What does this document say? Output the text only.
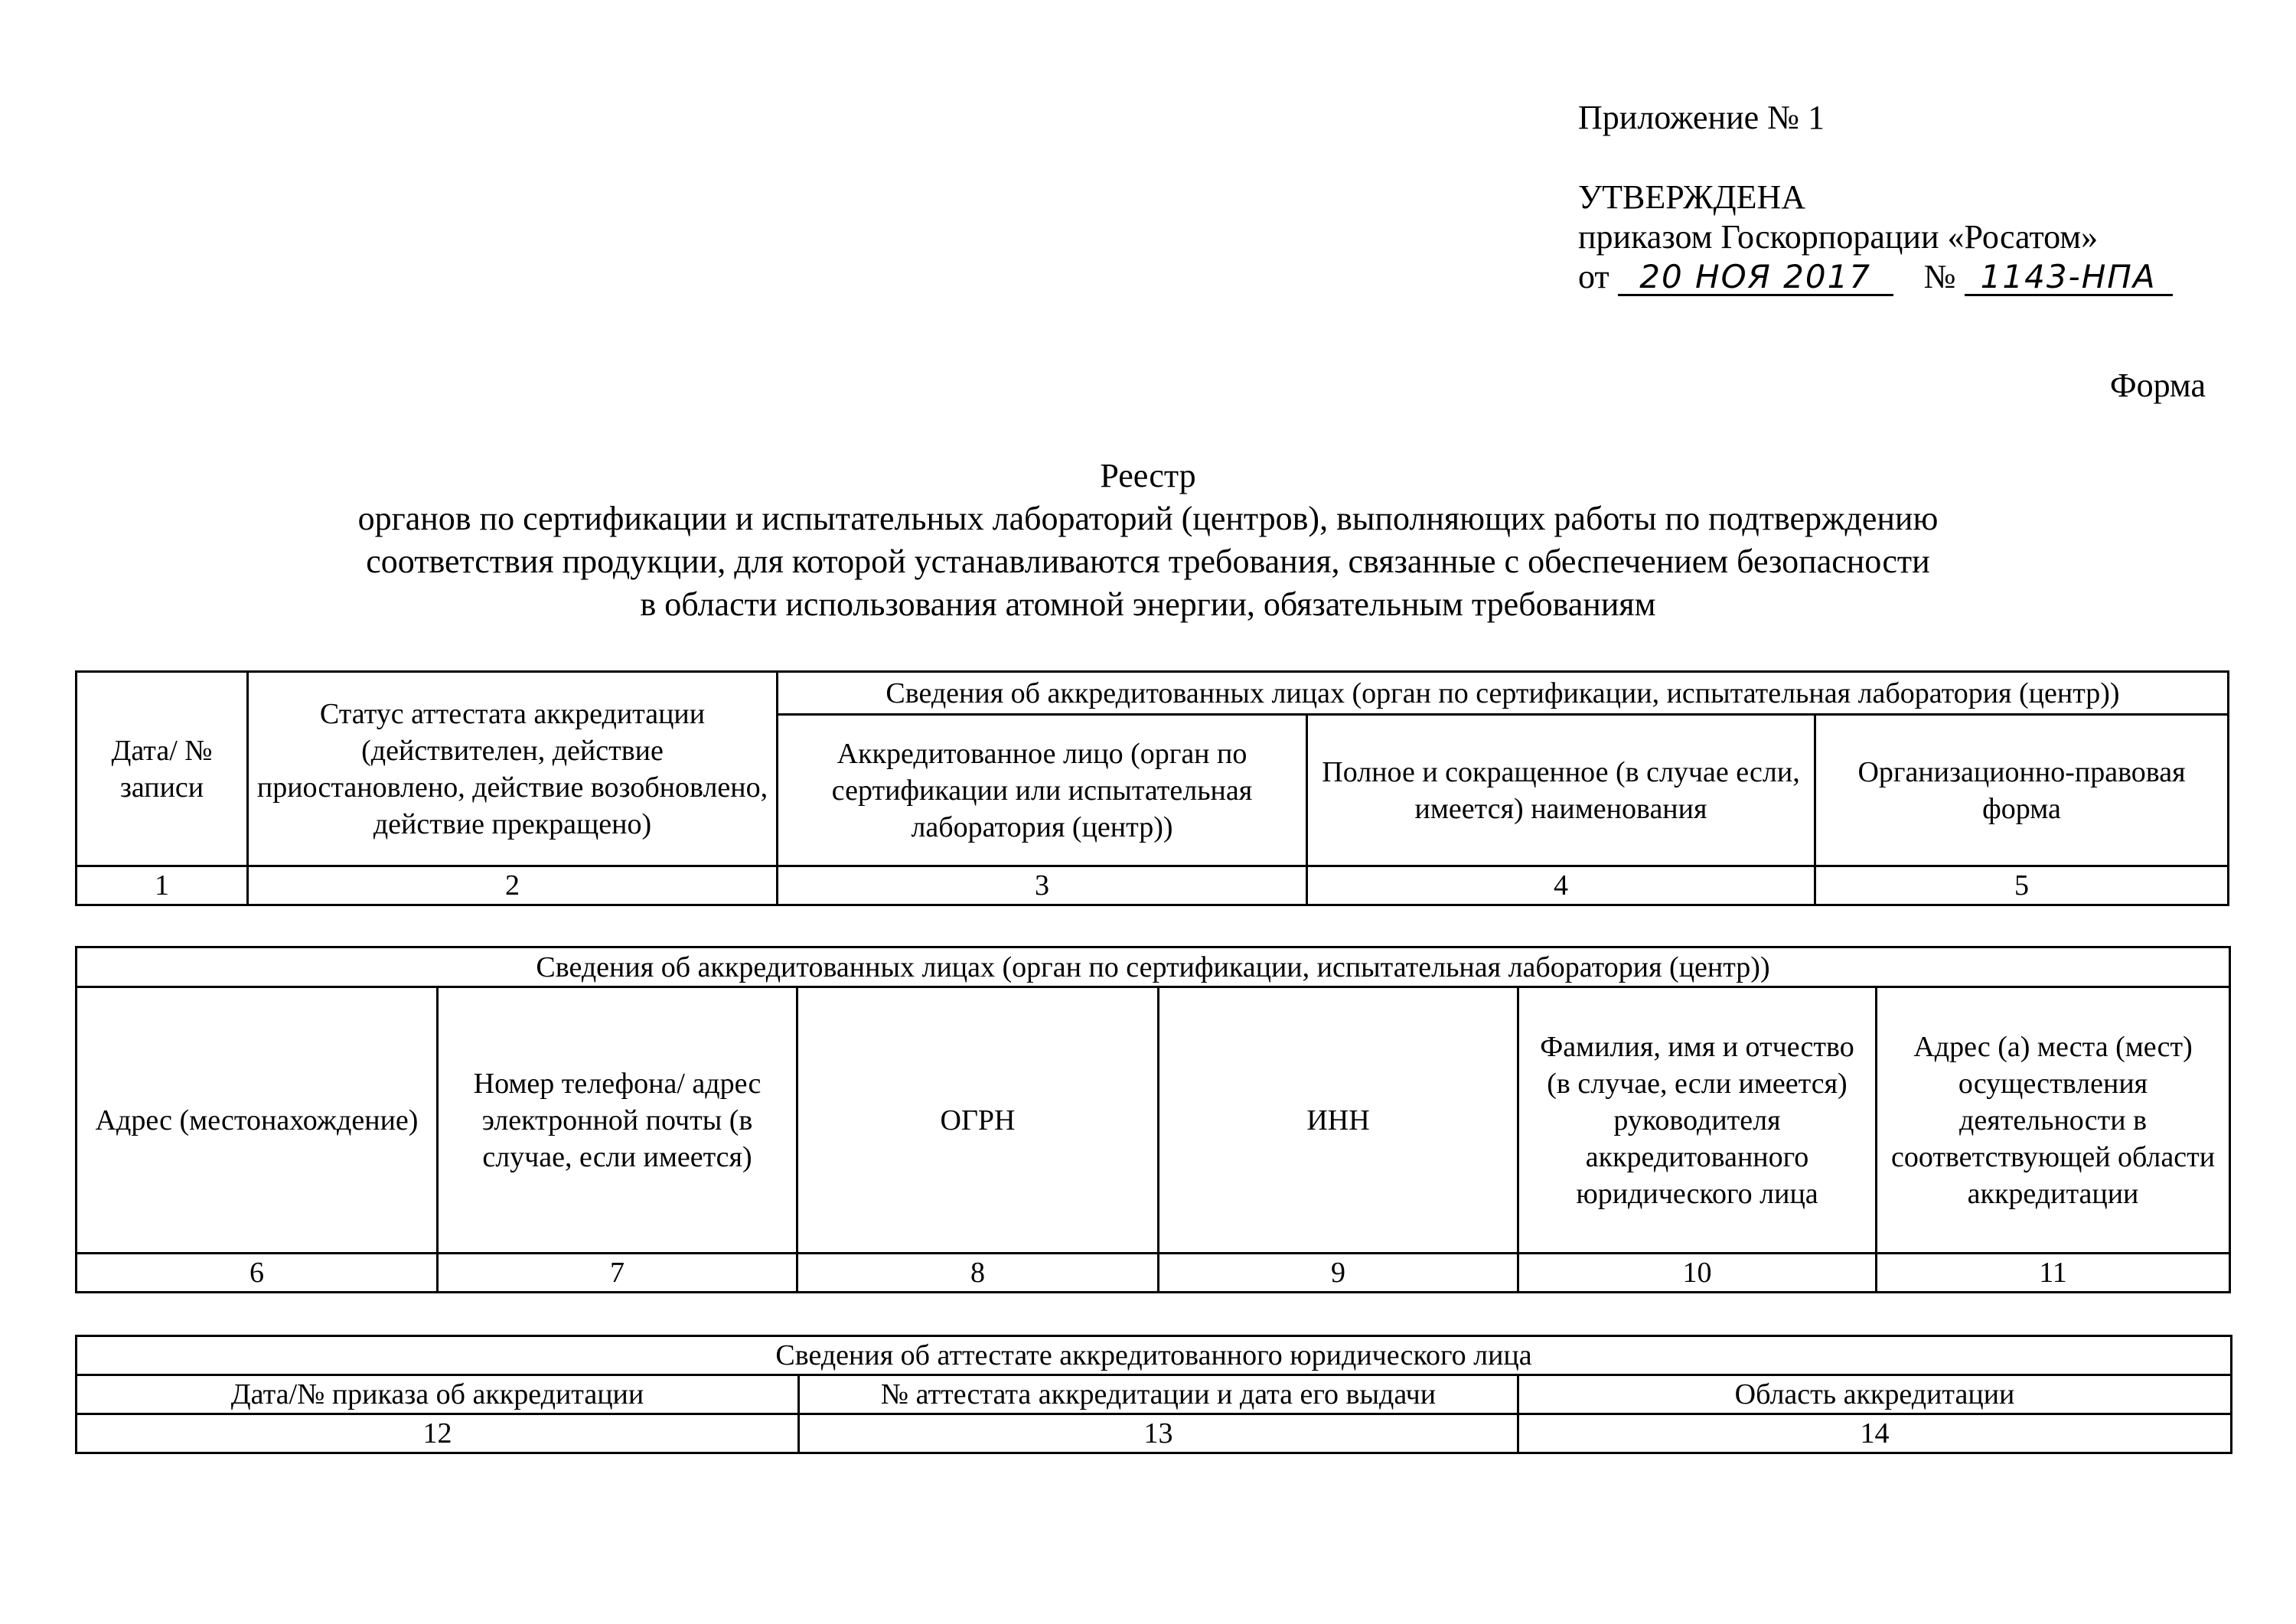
Приложение № 1
УТВЕРЖДЕНА
приказом Госкорпорации «Росатом»
от 20 НОЯ 2017 № 1143-НПА
Форма
Реестр
органов по сертификации и испытательных лабораторий (центров), выполняющих работы по подтверждению
соответствия продукции, для которой устанавливаются требования, связанные с обеспечением безопасности
в области использования атомной энергии, обязательным требованиям
Дата/ № записи	Статус аттестата аккредитации (действителен, действие приостановлено, действие возобновлено, действие прекращено)	Сведения об аккредитованных лицах (орган по сертификации, испытательная лаборатория (центр))		
		Аккредитованное лицо (орган по сертификации или испытательная лаборатория (центр))	Полное и сокращенное (в случае если, имеется) наименования	Организационно-правовая форма
1	2	3	4	5
Сведения об аккредитованных лицах (орган по сертификации, испытательная лаборатория (центр))					
Адрес (местонахождение)	Номер телефона/ адрес электронной почты (в случае, если имеется)	ОГРН	ИНН	Фамилия, имя и отчество (в случае, если имеется) руководителя аккредитованного юридического лица	Адрес (а) места (мест) осуществления деятельности в соответствующей области аккредитации
6	7	8	9	10	11
Сведения об аттестате аккредитованного юридического лица		
Дата/№ приказа об аккредитации	№ аттестата аккредитации и дата его выдачи	Область аккредитации
12	13	14
